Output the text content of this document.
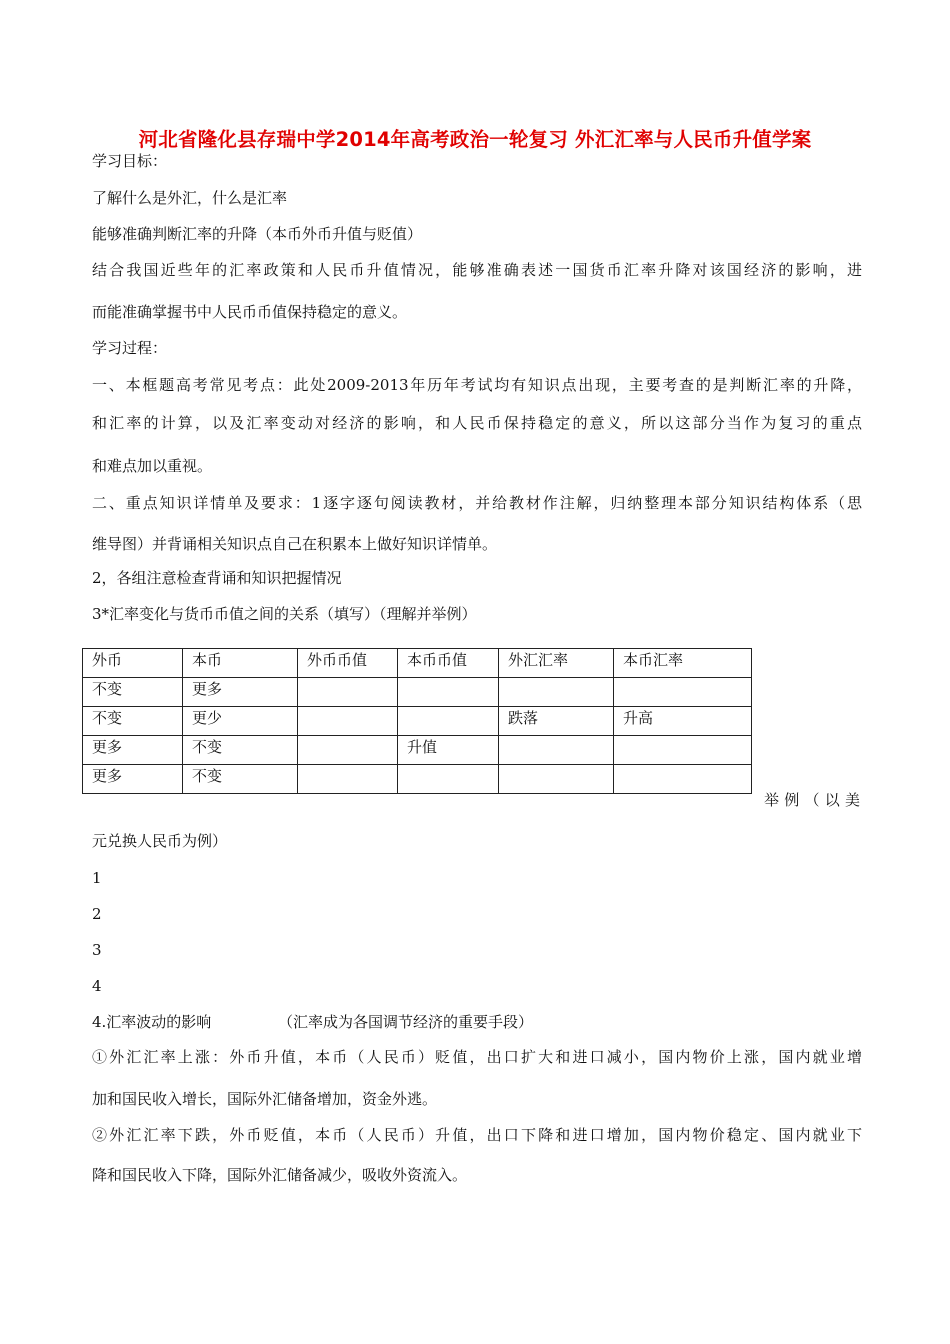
河北省隆化县存瑞中学2014年高考政治一轮复习 外汇汇率与人民币升值学案
学习目标：
了解什么是外汇，什么是汇率
能够准确判断汇率的升降（本币外币升值与贬值）
结合我国近些年的汇率政策和人民币升值情况，能够准确表述一国货币汇率升降对该国经济的影响，进
而能准确掌握书中人民币币值保持稳定的意义。
学习过程：
一、本框题高考常见考点：此处2009-2013年历年考试均有知识点出现，主要考查的是判断汇率的升降，
和汇率的计算，以及汇率变动对经济的影响，和人民币保持稳定的意义，所以这部分当作为复习的重点
和难点加以重视。
二、重点知识详情单及要求：1逐字逐句阅读教材，并给教材作注解，归纳整理本部分知识结构体系（思
维导图）并背诵相关知识点自己在积累本上做好知识详情单。
2，各组注意检查背诵和知识把握情况
3*汇率变化与货币币值之间的关系（填写）（理解并举例）
外币	本币	外币币值	本币币值	外汇汇率	本币汇率
不变	更多				
不变	更少			跌落	升高
更多	不变		升值		
更多	不变				
举例（以美
元兑换人民币为例）
1
2
3
4
4.汇率波动的影响	（汇率成为各国调节经济的重要手段）
①外汇汇率上涨：外币升值，本币（人民币）贬值，出口扩大和进口减小，国内物价上涨，国内就业增
加和国民收入增长，国际外汇储备增加，资金外逃。
②外汇汇率下跌，外币贬值，本币（人民币）升值，出口下降和进口增加，国内物价稳定、国内就业下
降和国民收入下降，国际外汇储备减少，吸收外资流入。
